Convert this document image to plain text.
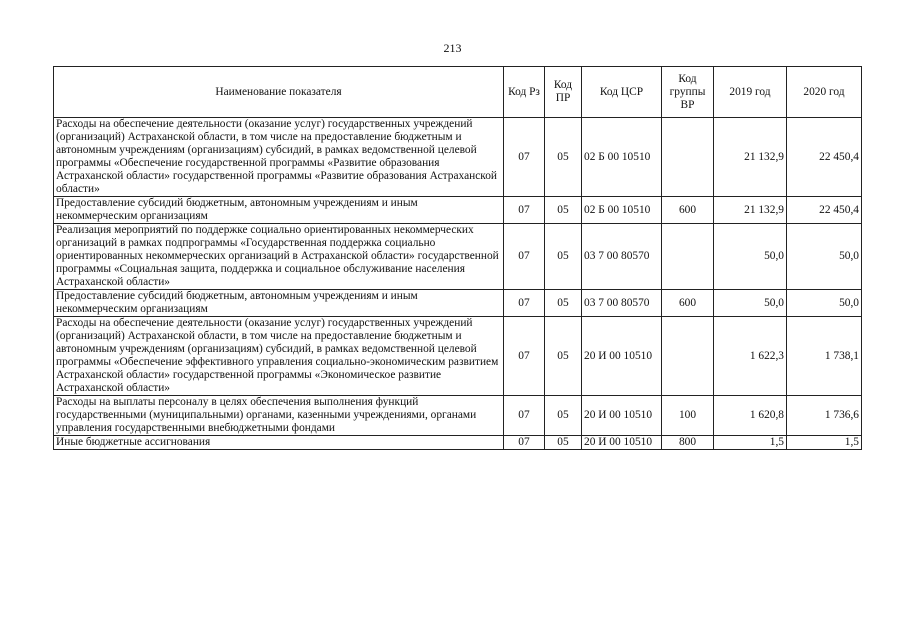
213
Наименование показателя	Код Рз	Код ПР	Код ЦСР	Код группы ВР	2019 год	2020 год
Расходы на обеспечение деятельности (оказание услуг) государственных учреждений (организаций) Астраханской области, в том числе на предоставление бюджетным и автономным учреждениям (организациям) субсидий, в рамках ведомственной целевой программы «Обеспечение государственной программы «Развитие образования Астраханской области» государственной программы «Развитие образования Астраханской области»	07	05	02 Б 00 10510		21 132,9	22 450,4
Предоставление субсидий бюджетным, автономным учреждениям и иным некоммерческим организациям	07	05	02 Б 00 10510	600	21 132,9	22 450,4
Реализация мероприятий по поддержке социально ориентированных некоммерческих организаций в рамках подпрограммы «Государственная поддержка социально ориентированных некоммерческих организаций в Астраханской области» государственной программы «Социальная защита, поддержка и социальное обслуживание населения Астраханской области»	07	05	03 7 00 80570		50,0	50,0
Предоставление субсидий бюджетным, автономным учреждениям и иным некоммерческим организациям	07	05	03 7 00 80570	600	50,0	50,0
Расходы на обеспечение деятельности (оказание услуг) государственных учреждений (организаций) Астраханской области, в том числе на предоставление бюджетным и автономным учреждениям (организациям) субсидий, в рамках ведомственной целевой программы «Обеспечение эффективного управления социально-экономическим развитием Астраханской области» государственной программы «Экономическое развитие Астраханской области»	07	05	20 И 00 10510		1 622,3	1 738,1
Расходы на выплаты персоналу в целях обеспечения выполнения функций государственными (муниципальными) органами, казенными учреждениями, органами управления государственными внебюджетными фондами	07	05	20 И 00 10510	100	1 620,8	1 736,6
Иные бюджетные ассигнования	07	05	20 И 00 10510	800	1,5	1,5
